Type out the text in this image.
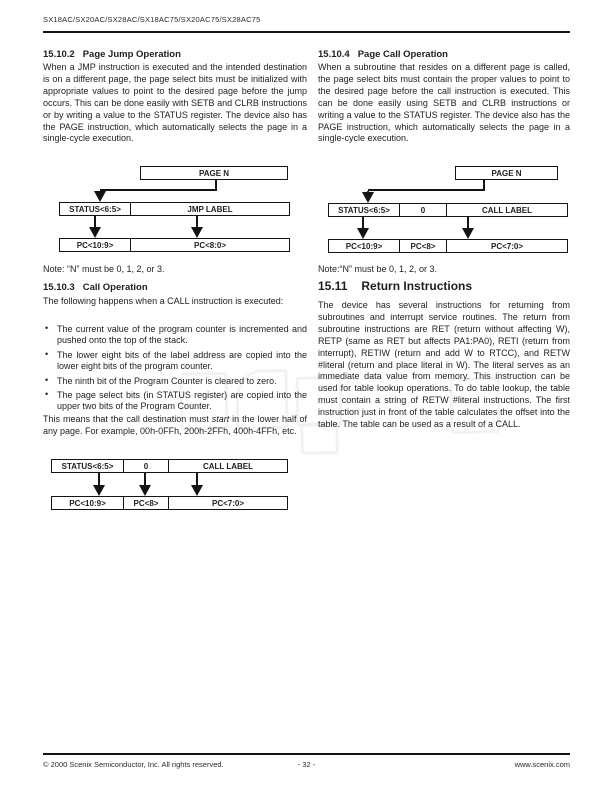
SX18AC/SX20AC/SX28AC/SX18AC75/SX20AC75/SX28AC75
15.10.2 Page Jump Operation
When a JMP instruction is executed and the intended destination is on a different page, the page select bits must be initialized with appropriate values to point to the desired page before the jump occurs. This can be done easily with SETB and CLRB instructions or by writing a value to the STATUS register. The device also has the PAGE instruction, which automatically selects the page in a single-cycle execution.
PAGE N
STATUS<6:5>	JMP LABEL
PC<10:9>	PC<8:0>
Note: “N” must be 0, 1, 2, or 3.
15.10.3 Call Operation
The following happens when a CALL instruction is executed:
• The current value of the program counter is incremented and pushed onto the top of the stack.
• The lower eight bits of the label address are copied into the lower eight bits of the program counter.
• The ninth bit of the Program Counter is cleared to zero.
• The page select bits (in STATUS register) are copied into the upper two bits of the Program Counter.
This means that the call destination must start in the lower half of any page. For example, 00h-0FFh, 200h-2FFh, 400h-4FFh, etc.
STATUS<6:5>	0	CALL LABEL
PC<10:9>	PC<8>	PC<7:0>
15.10.4 Page Call Operation
When a subroutine that resides on a different page is called, the page select bits must contain the proper values to point to the desired page before the call instruction is executed. This can be done easily using SETB and CLRB instructions or writing a value to the STATUS register. The device also has the PAGE instruction, which automatically selects the page in a single-cycle execution.
PAGE N
STATUS<6:5>	0	CALL LABEL
PC<10:9>	PC<8>	PC<7:0>
Note:“N” must be 0, 1, 2, or 3.
15.11 Return Instructions
The device has several instructions for returning from subroutines and interrupt service routines. The return from subroutine instructions are RET (return without affecting W), RETP (same as RET but affects PA1:PA0), RETI (return from interrupt), RETIW (return and add W to RTCC), and RETW #literal (return and place literal in W). The literal serves as an immediate data value from memory. This instruction can be used for table lookup operations. To do table lookup, the table must contain a string of RETW #literal instructions. The first instruction just in front of the table calculates the offset into the table. The table can be used as a result of a CALL.
© 2000 Scenix Semiconductor, Inc. All rights reserved.	- 32 -	www.scenix.com
